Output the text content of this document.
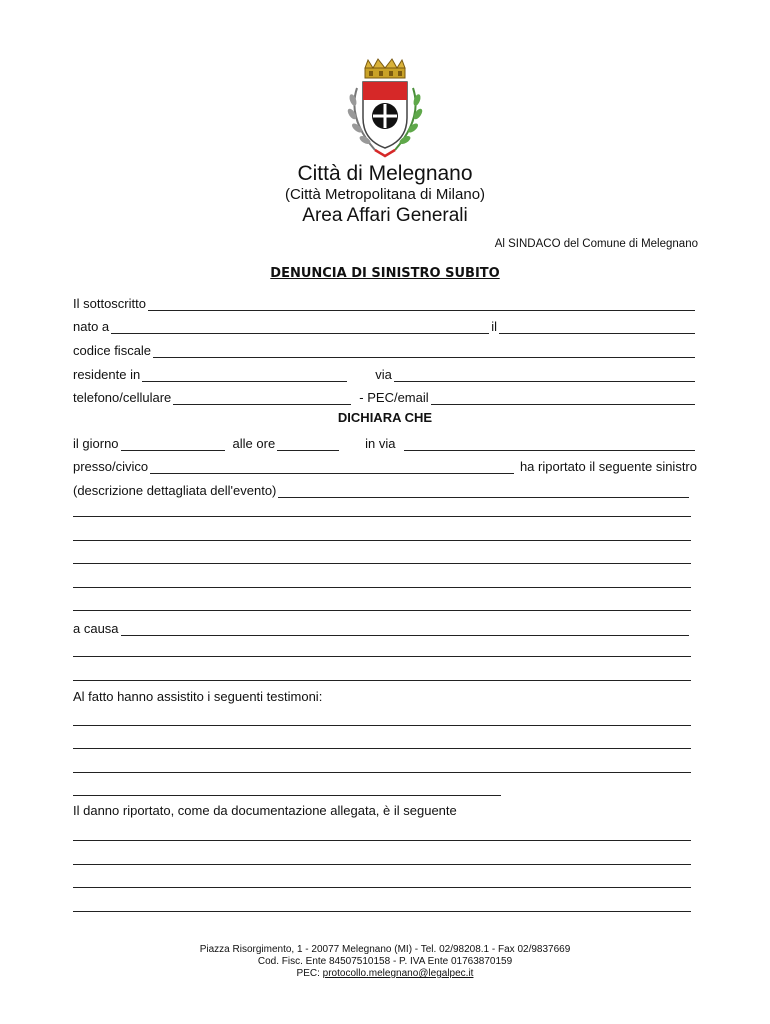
Città di Melegnano
(Città Metropolitana di Milano)
Area Affari Generali
Al SINDACO del Comune di Melegnano
DENUNCIA DI SINISTRO SUBITO
Il sottoscritto
nato a	il
codice fiscale
residente in	via
telefono/cellulare	- PEC/email
DICHIARA CHE
il giorno	alle ore	in via
presso/civico	ha riportato il seguente sinistro
(descrizione dettagliata dell'evento)
a causa
Al fatto hanno assistito i seguenti testimoni:
Il danno riportato, come da documentazione allegata, è il seguente
Piazza Risorgimento, 1 - 20077 Melegnano (MI) - Tel. 02/98208.1 - Fax 02/9837669
Cod. Fisc. Ente 84507510158 - P. IVA Ente 01763870159
PEC: protocollo.melegnano@legalpec.it
